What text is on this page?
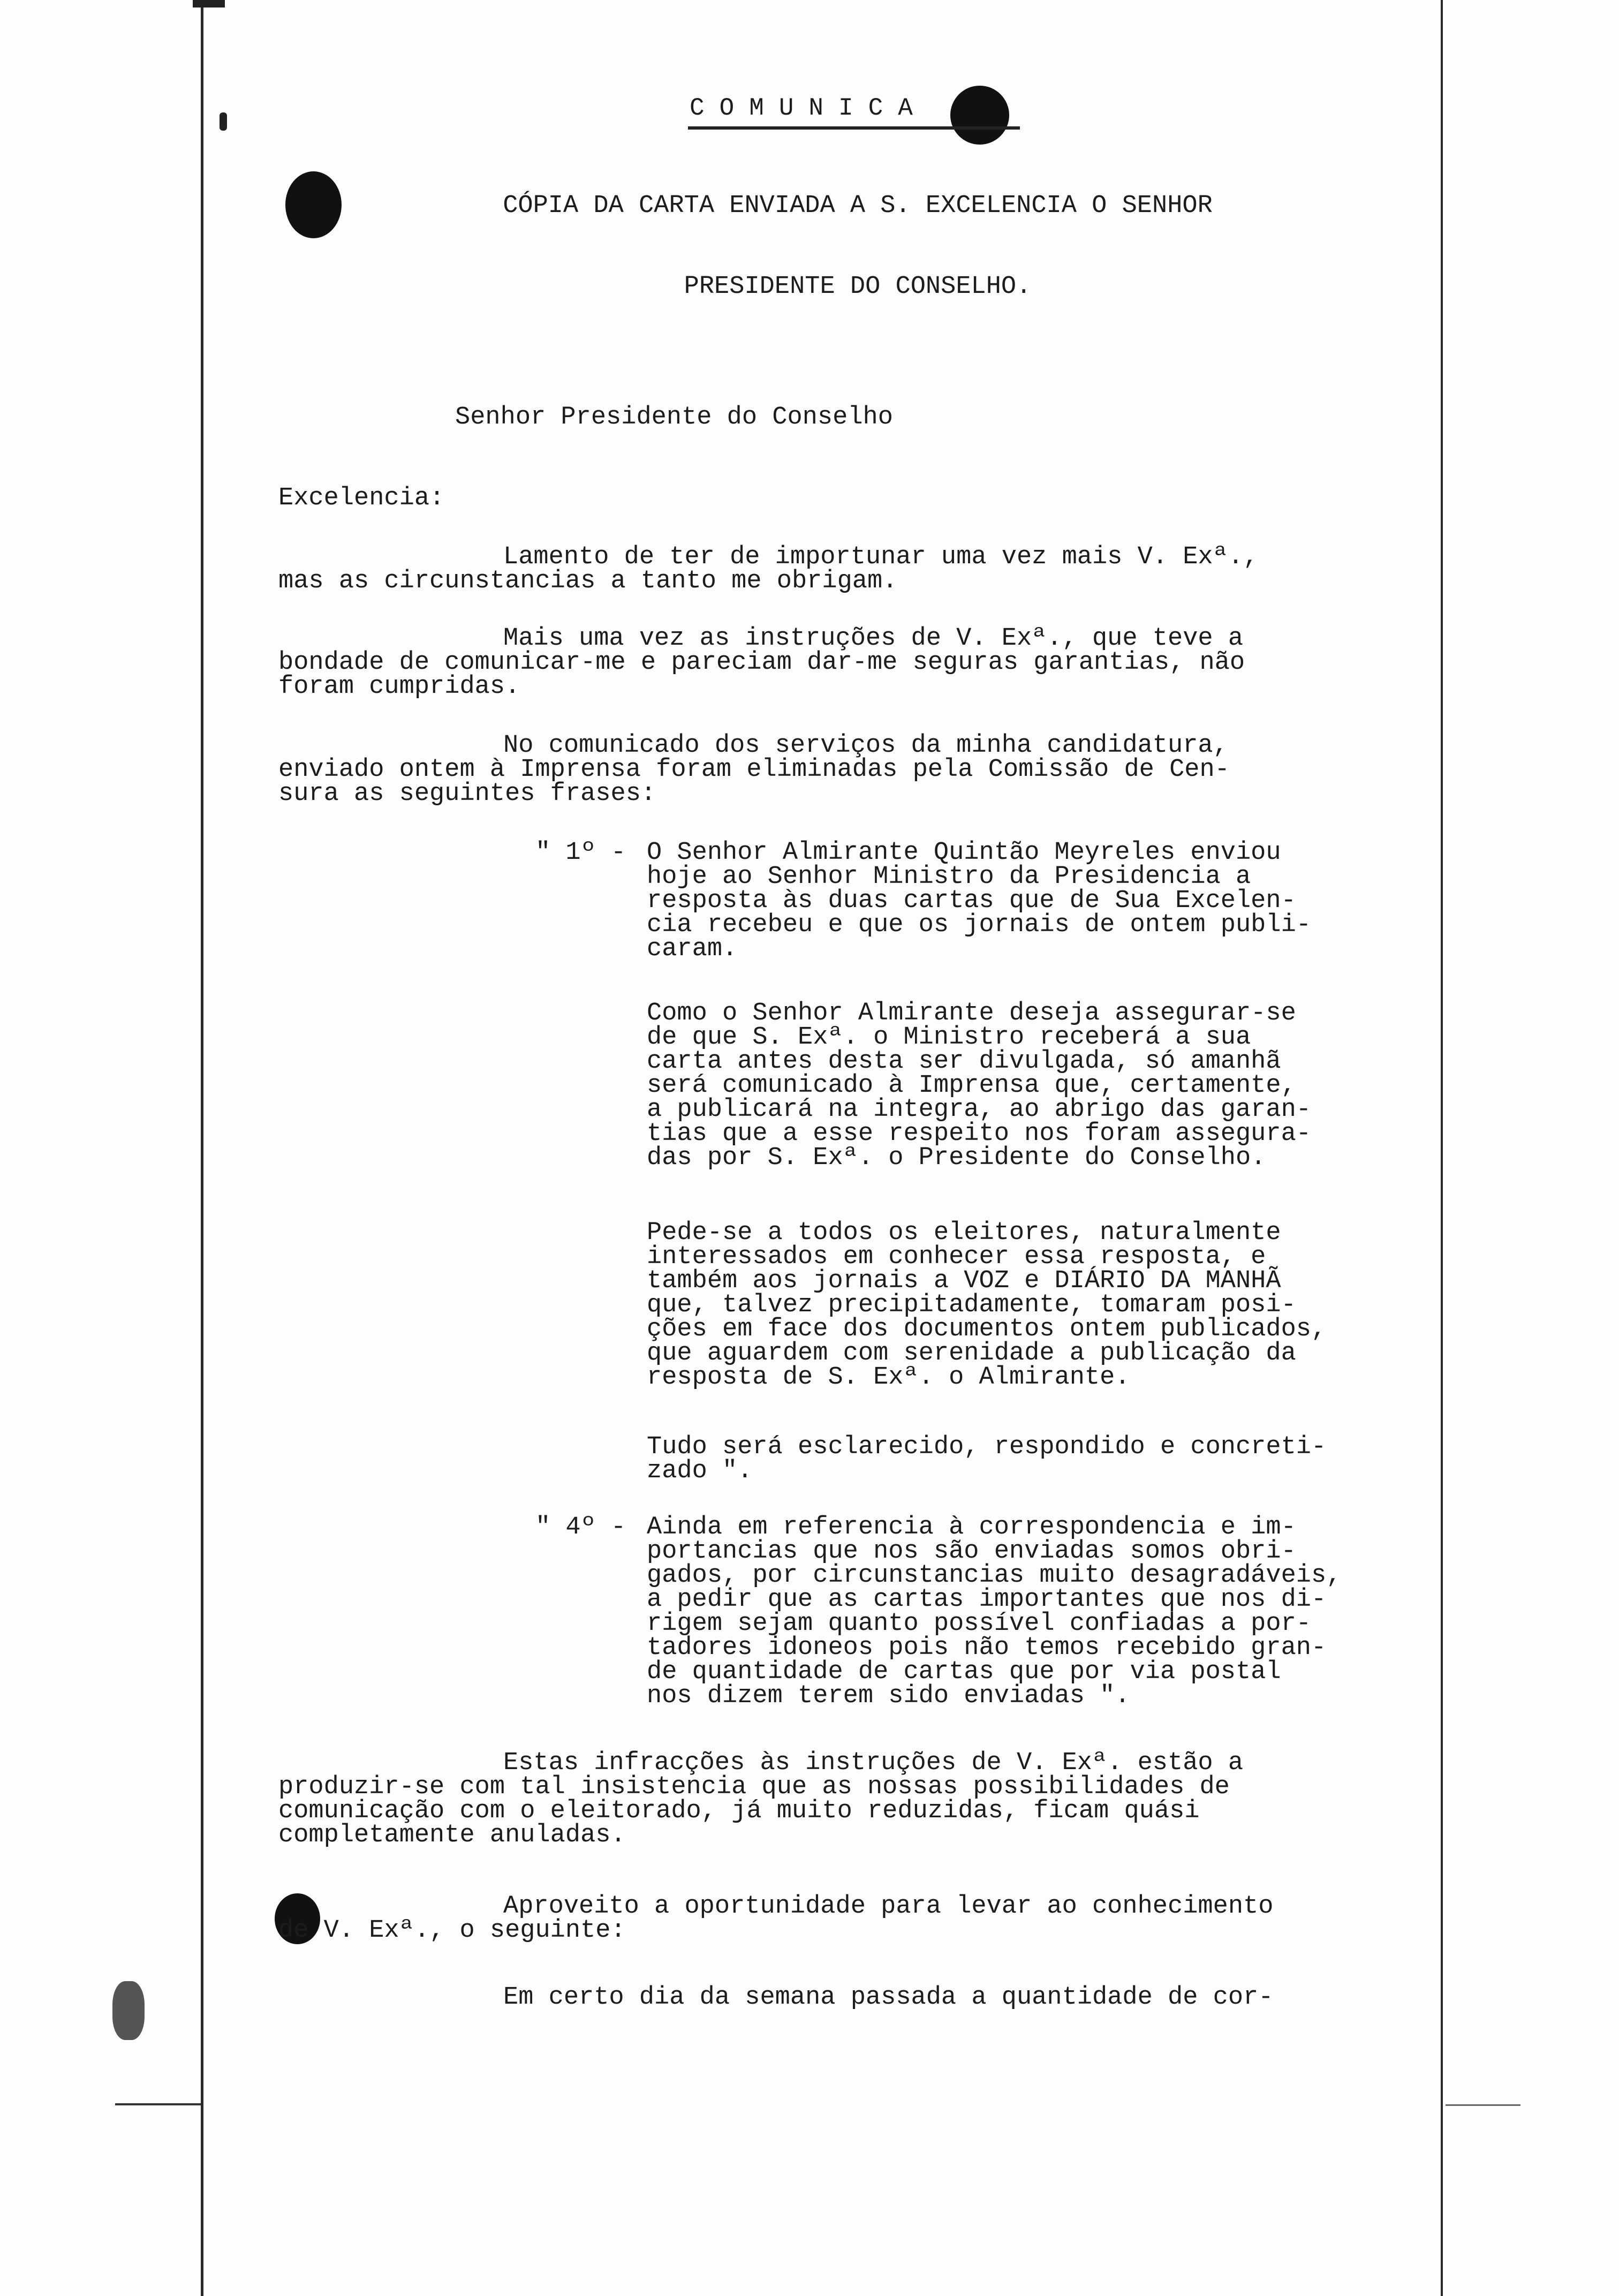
COMUNICA
CÓPIA DA CARTA ENVIADA A S. EXCELENCIA O SENHOR
PRESIDENTE DO CONSELHO.
Senhor Presidente do Conselho
Excelencia:
Lamento de ter de importunar uma vez mais V. Exª.,
mas as circunstancias a tanto me obrigam.
Mais uma vez as instruções de V. Exª., que teve a
bondade de comunicar-me e pareciam dar-me seguras garantias, não
foram cumpridas.
No comunicado dos serviços da minha candidatura,
enviado ontem à Imprensa foram eliminadas pela Comissão de Cen-
sura as seguintes frases:
" 1º - O Senhor Almirante Quintão Meyreles enviou
hoje ao Senhor Ministro da Presidencia a
resposta às duas cartas que de Sua Excelen-
cia recebeu e que os jornais de ontem publi-
caram.
Como o Senhor Almirante deseja assegurar-se
de que S. Exª. o Ministro receberá a sua
carta antes desta ser divulgada, só amanhã
será comunicado à Imprensa que, certamente,
a publicará na integra, ao abrigo das garan-
tias que a esse respeito nos foram assegura-
das por S. Exª. o Presidente do Conselho.
Pede-se a todos os eleitores, naturalmente
interessados em conhecer essa resposta, e
também aos jornais a VOZ e DIÁRIO DA MANHÃ
que, talvez precipitadamente, tomaram posi-
ções em face dos documentos ontem publicados,
que aguardem com serenidade a publicação da
resposta de S. Exª. o Almirante.
Tudo será esclarecido, respondido e concreti-
zado ".
" 4º - Ainda em referencia à correspondencia e im-
portancias que nos são enviadas somos obri-
gados, por circunstancias muito desagradáveis,
a pedir que as cartas importantes que nos di-
rigem sejam quanto possível confiadas a por-
tadores idoneos pois não temos recebido gran-
de quantidade de cartas que por via postal
nos dizem terem sido enviadas ".
Estas infracções às instruções de V. Exª. estão a
produzir-se com tal insistencia que as nossas possibilidades de
comunicação com o eleitorado, já muito reduzidas, ficam quási
completamente anuladas.
Aproveito a oportunidade para levar ao conhecimento
de V. Exª., o seguinte:
Em certo dia da semana passada a quantidade de cor-
